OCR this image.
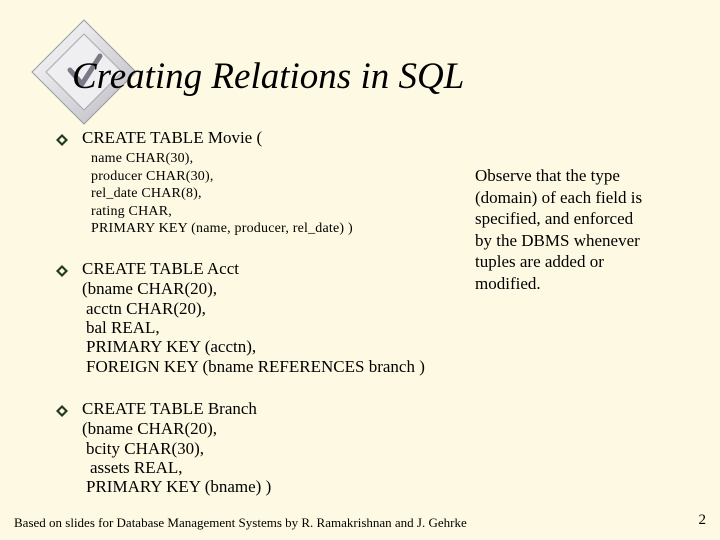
Creating Relations in SQL
CREATE TABLE Movie (
name CHAR(30),
producer CHAR(30),
rel_date CHAR(8),
rating CHAR,
PRIMARY KEY (name, producer, rel_date) )
CREATE TABLE Acct
(bname CHAR(20),
acctn CHAR(20),
bal REAL,
PRIMARY KEY (acctn),
FOREIGN KEY (bname REFERENCES branch )
CREATE TABLE Branch
(bname CHAR(20),
bcity CHAR(30),
assets REAL,
PRIMARY KEY (bname) )
Observe that the type
(domain) of each field is
specified, and enforced
by the DBMS whenever
tuples are added or
modified.
Based on slides for Database Management Systems by R. Ramakrishnan and J. Gehrke	2
